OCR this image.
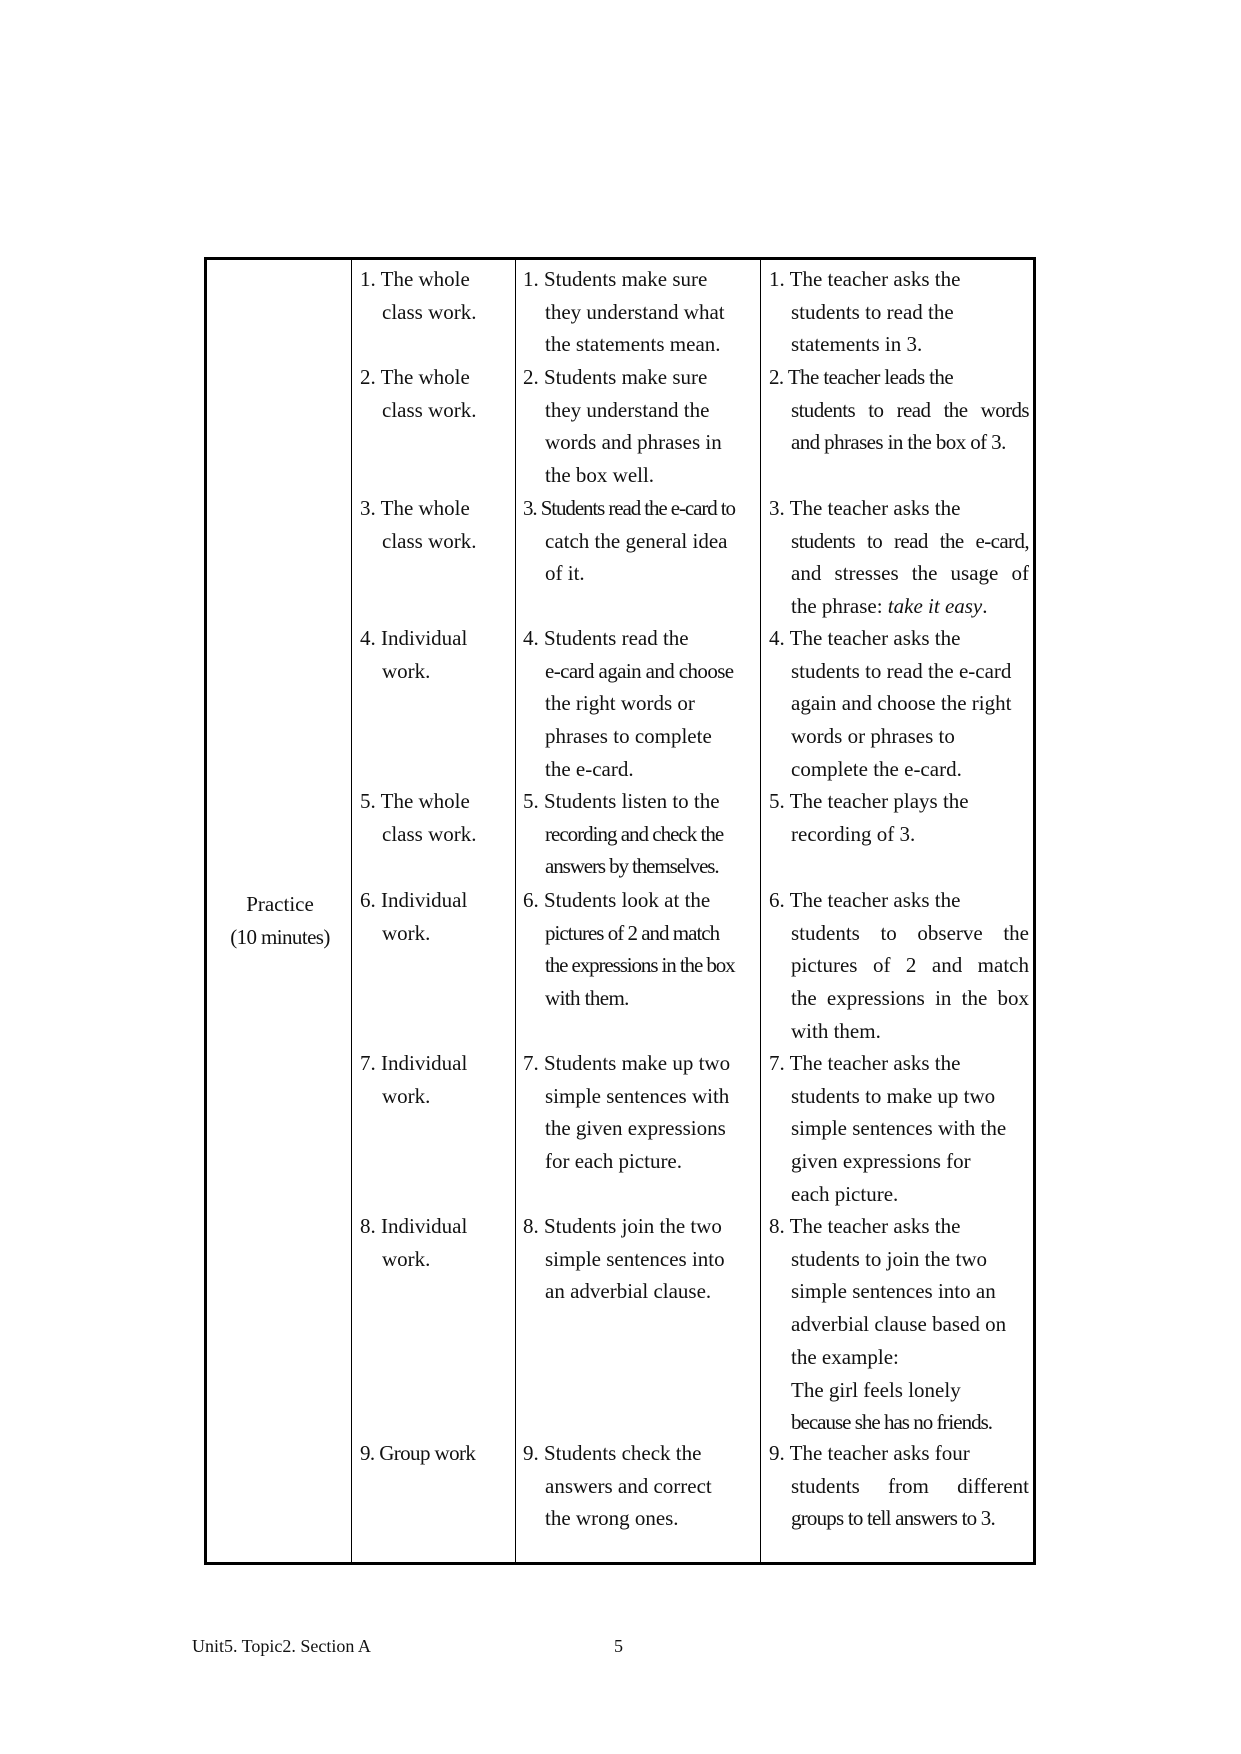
Practice
(10 minutes)
1. The whole
class work.
1. Students make sure
they understand what
the statements mean.
1. The teacher asks the
students to read the
statements in 3.
2. The whole
class work.
2. Students make sure
they understand the
words and phrases in
the box well.
2. The teacher leads the
students to read the words
and phrases in the box of 3.
3. The whole
class work.
3. Students read the e-card to
catch the general idea
of it.
3. The teacher asks the
students to read the e-card,
and stresses the usage of
the phrase: take it easy.
4. Individual
work.
4. Students read the
e-card again and choose
the right words or
phrases to complete
the e-card.
4. The teacher asks the
students to read the e-card
again and choose the right
words or phrases to
complete the e-card.
5. The whole
class work.
5. Students listen to the
recording and check the
answers by themselves.
5. The teacher plays the
recording of 3.
6. Individual
work.
6. Students look at the
pictures of 2 and match
the expressions in the box
with them.
6. The teacher asks the
students to observe the
pictures of 2 and match
the expressions in the box
with them.
7. Individual
work.
7. Students make up two
simple sentences with
the given expressions
for each picture.
7. The teacher asks the
students to make up two
simple sentences with the
given expressions for
each picture.
8. Individual
work.
8. Students join the two
simple sentences into
an adverbial clause.
8. The teacher asks the
students to join the two
simple sentences into an
adverbial clause based on
the example:
The girl feels lonely
because she has no friends.
9. Group work 9. Students check the
answers and correct
the wrong ones.
9. The teacher asks four
students from different
groups to tell answers to 3.
Unit5. Topic2. Section A	5
